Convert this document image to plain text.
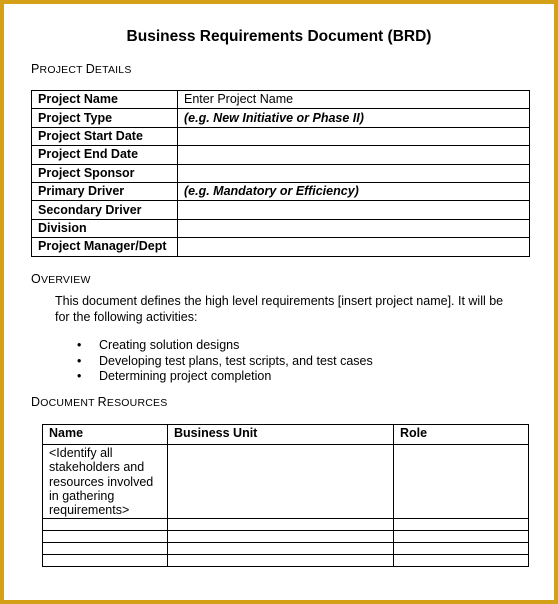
Business Requirements Document (BRD)
PROJECT DETAILS
Project Name	Enter Project Name
Project Type	(e.g. New Initiative or Phase II)
Project Start Date	
Project End Date	
Project Sponsor	
Primary Driver	(e.g. Mandatory or Efficiency)
Secondary Driver	
Division	
Project Manager/Dept	
OVERVIEW
This document defines the high level requirements [insert project name]. It will be for the following activities:
• Creating solution designs
• Developing test plans, test scripts, and test cases
• Determining project completion
DOCUMENT RESOURCES
Name	Business Unit	Role
<Identify all stakeholders and resources involved in gathering requirements>		
